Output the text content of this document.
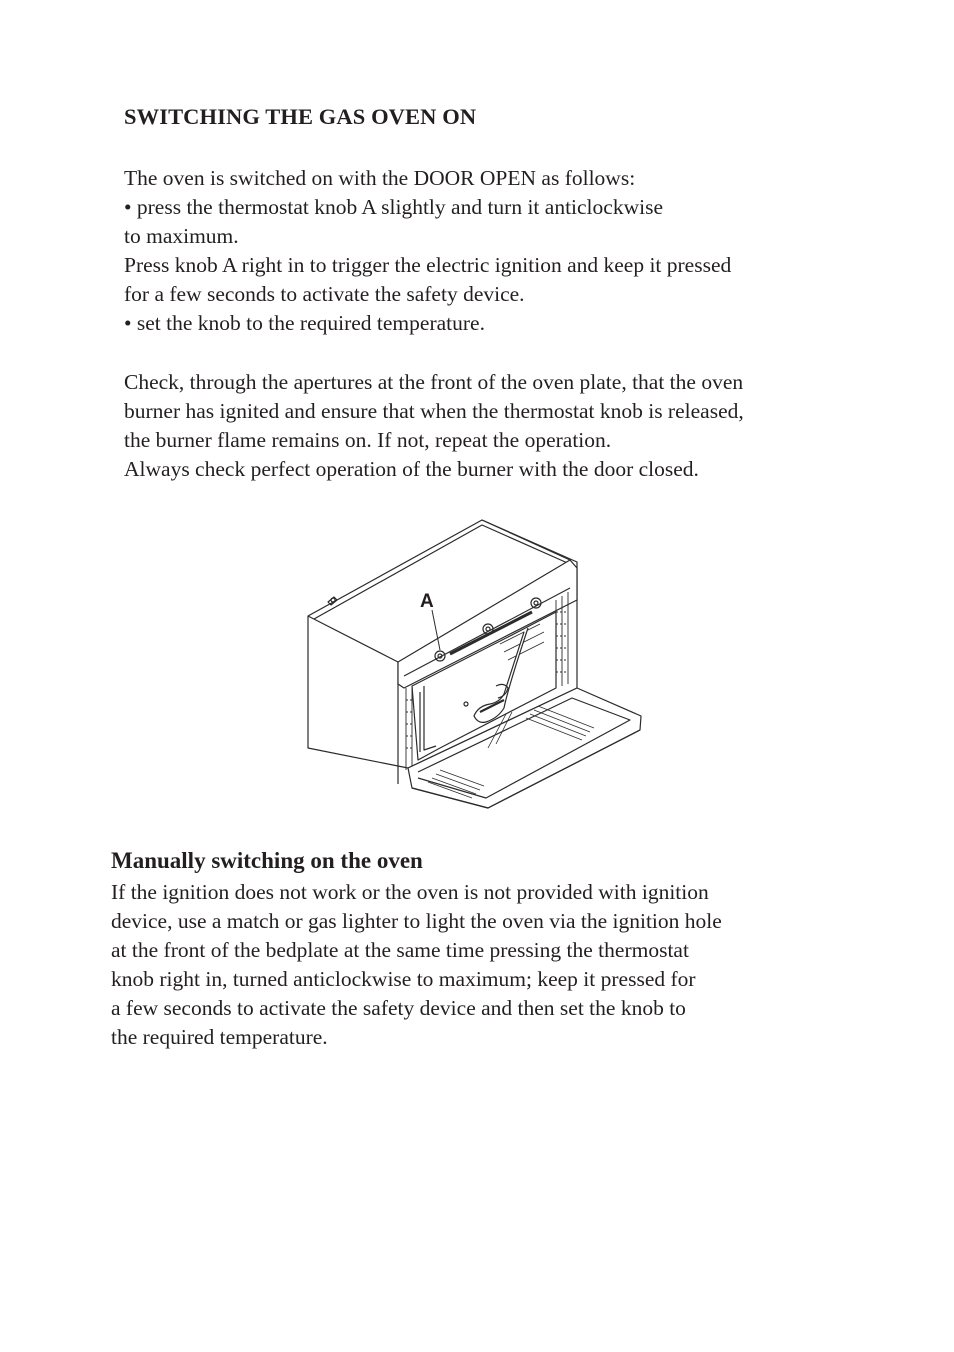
SWITCHING THE GAS OVEN ON
The oven is switched on with the DOOR OPEN as follows:
• press the thermostat knob A slightly and turn it anticlockwise
to maximum.
Press knob A right in to trigger the electric ignition and keep it pressed
for a few seconds to activate the safety device.
• set the knob to the required temperature.
Check, through the apertures at the front of the oven plate, that the oven
burner has ignited and ensure that when the thermostat knob is released,
the burner flame remains on. If not, repeat the operation.
Always check perfect operation of the burner with the door closed.
A
Manually switching on the oven
If the ignition does not work or the oven is not provided with ignition
device, use a match or gas lighter to light the oven via the ignition hole
at the front of the bedplate at the same time pressing the thermostat
knob right in, turned anticlockwise to maximum; keep it pressed for
a few seconds to activate the safety device and then set the knob to
the required temperature.
